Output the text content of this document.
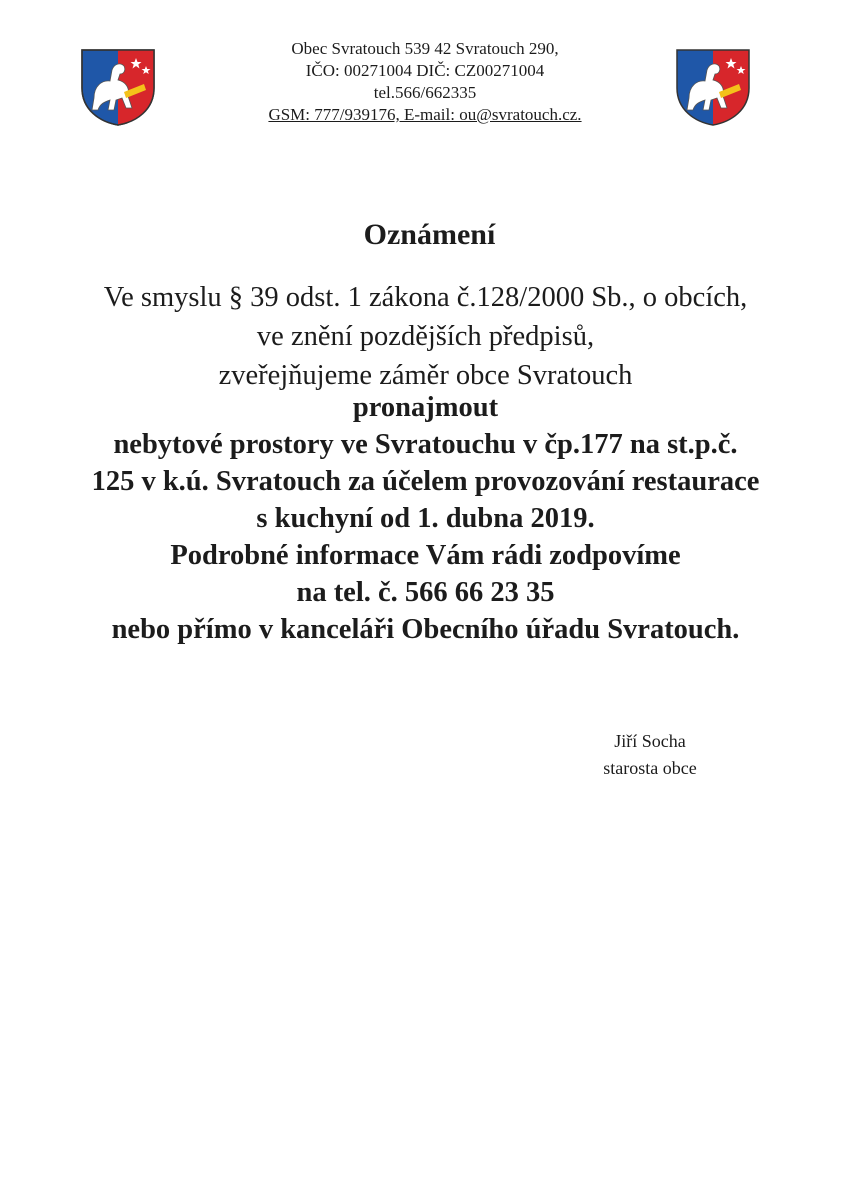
Obec Svratouch 539 42 Svratouch 290,
IČO: 00271004 DIČ: CZ00271004
tel.566/662335
GSM: 777/939176, E-mail: ou@svratouch.cz.
Oznámení
Ve smyslu § 39 odst. 1 zákona č.128/2000 Sb., o obcích,
ve znění pozdějších předpisů,
zveřejňujeme záměr obce Svratouch
pronajmout
nebytové prostory ve Svratouchu v čp.177 na st.p.č.
125 v k.ú. Svratouch za účelem provozování restaurace
s kuchyní od 1. dubna 2019.
Podrobné informace Vám rádi zodpovíme
na tel. č. 566 66 23 35
nebo přímo v kanceláři Obecního úřadu Svratouch.
Jiří Socha
starosta obce
